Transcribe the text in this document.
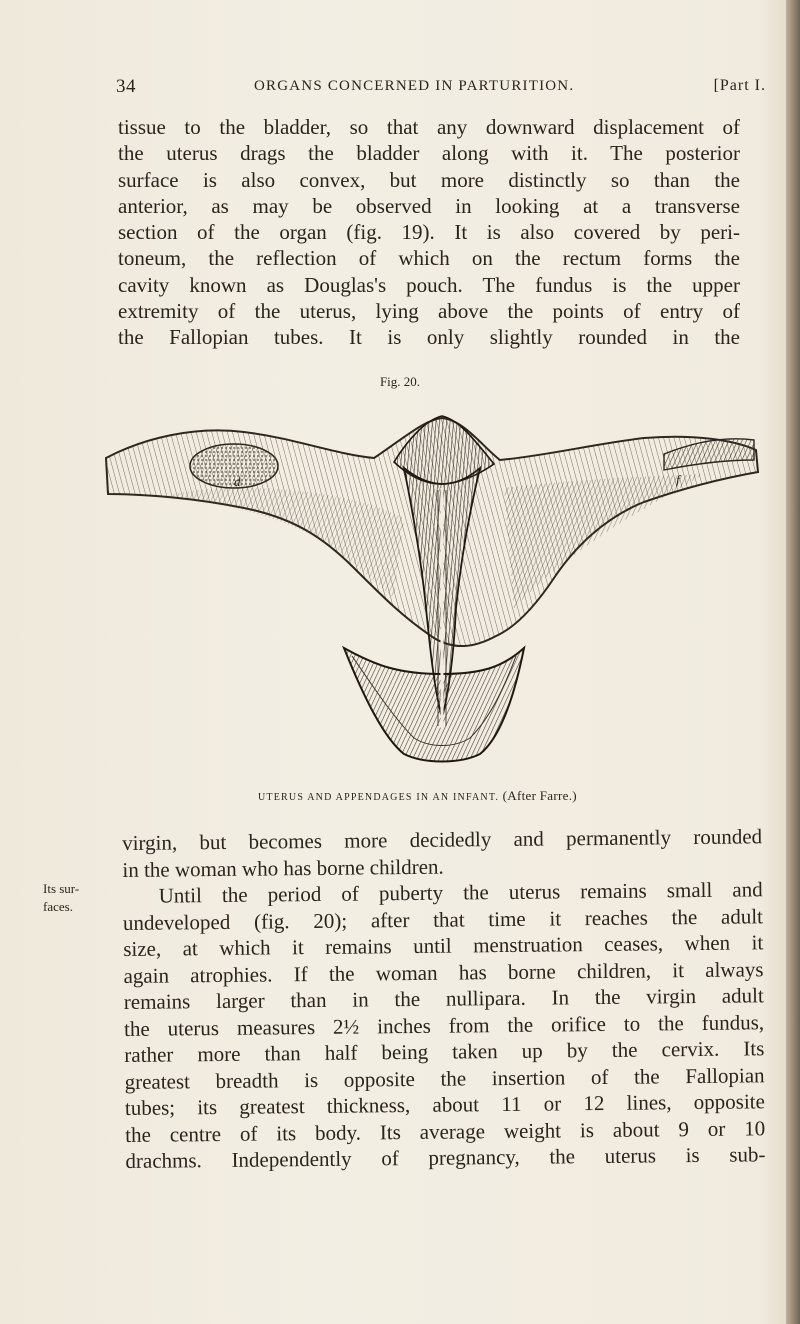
34	ORGANS CONCERNED IN PARTURITION.	[Part I.
tissue to the bladder, so that any downward displacement of
the uterus drags the bladder along with it. The posterior
surface is also convex, but more distinctly so than the
anterior, as may be observed in looking at a transverse
section of the organ (fig. 19). It is also covered by peri-
toneum, the reflection of which on the rectum forms the
cavity known as Douglas's pouch. The fundus is the upper
extremity of the uterus, lying above the points of entry of
the Fallopian tubes. It is only slightly rounded in the
Fig. 20.
d	f
UTERUS AND APPENDAGES IN AN INFANT. (After Farre.)
Its sur-
faces.
virgin, but becomes more decidedly and permanently rounded
in the woman who has borne children.
Until the period of puberty the uterus remains small and
undeveloped (fig. 20); after that time it reaches the adult
size, at which it remains until menstruation ceases, when it
again atrophies. If the woman has borne children, it always
remains larger than in the nullipara. In the virgin adult
the uterus measures 2½ inches from the orifice to the fundus,
rather more than half being taken up by the cervix. Its
greatest breadth is opposite the insertion of the Fallopian
tubes; its greatest thickness, about 11 or 12 lines, opposite
the centre of its body. Its average weight is about 9 or 10
drachms. Independently of pregnancy, the uterus is sub-
